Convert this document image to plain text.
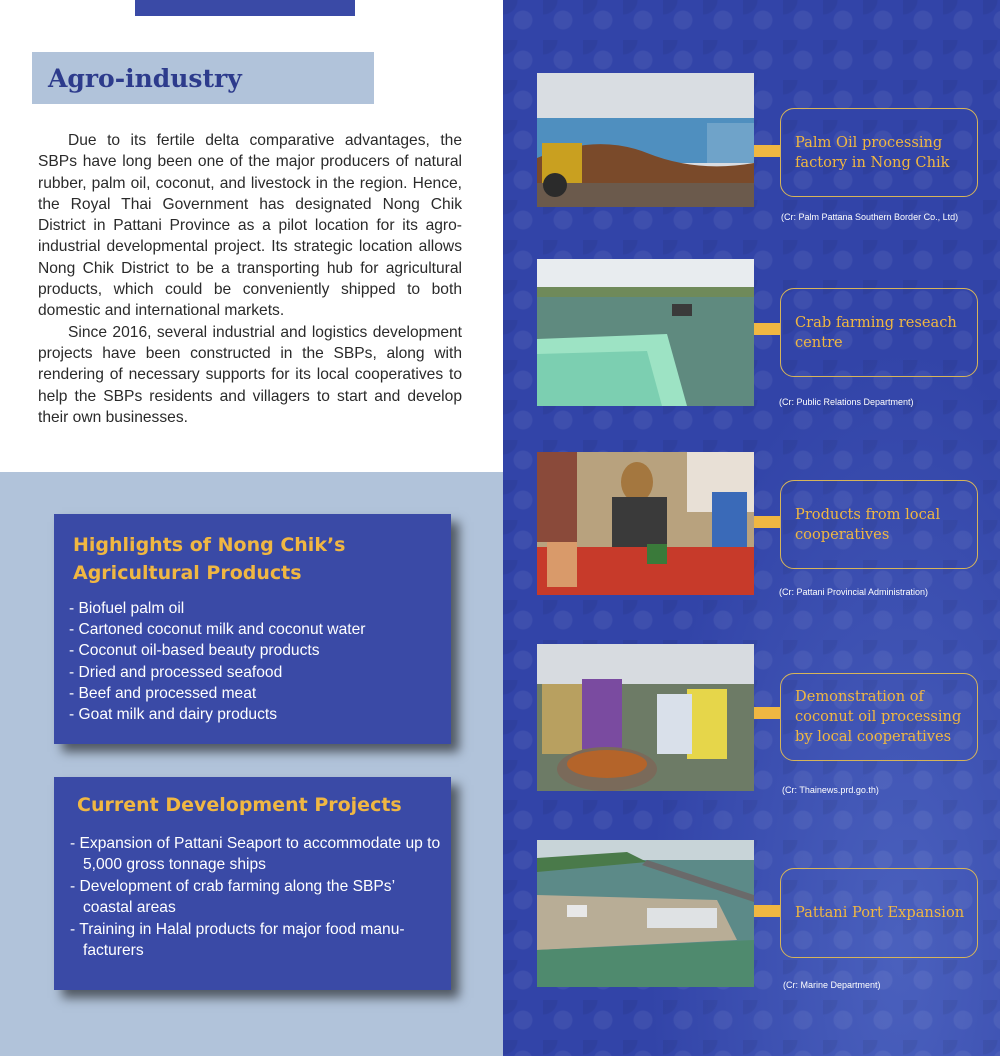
Agro-industry

Due to its fertile delta comparative advantages, the SBPs have long been one of the major producers of natural rubber, palm oil, coconut, and livestock in the region. Hence, the Royal Thai Government has designated Nong Chik District in Pattani Province as a pilot location for its agro-industrial developmental project. Its strategic location allows Nong Chik District to be a transporting hub for agricultural products, which could be conveniently shipped to both domestic and international markets.

Since 2016, several industrial and logistics development projects have been constructed in the SBPs, along with rendering of necessary supports for its local cooperatives to help the SBPs residents and villagers to start and develop their own businesses.

Highlights of Nong Chik’s Agricultural Products
- Biofuel palm oil
- Cartoned coconut milk and coconut water
- Coconut oil-based beauty products
- Dried and processed seafood
- Beef and processed meat
- Goat milk and dairy products
Current Development Projects
- Expansion of Pattani Seaport to accommodate up to 5,000 gross tonnage ships
- Development of crab farming along the SBPs’ coastal areas
- Training in Halal products for major food manu-facturers
Palm Oil processing factory in Nong Chik
(Cr: Palm Pattana Southern Border Co., Ltd)
Crab farming reseach centre
(Cr: Public Relations Department)
Products from local cooperatives
(Cr: Pattani Provincial Administration)
Demonstration of coconut oil processing by local cooperatives
(Cr: Thainews.prd.go.th)
Pattani Port Expansion
(Cr: Marine Department)
